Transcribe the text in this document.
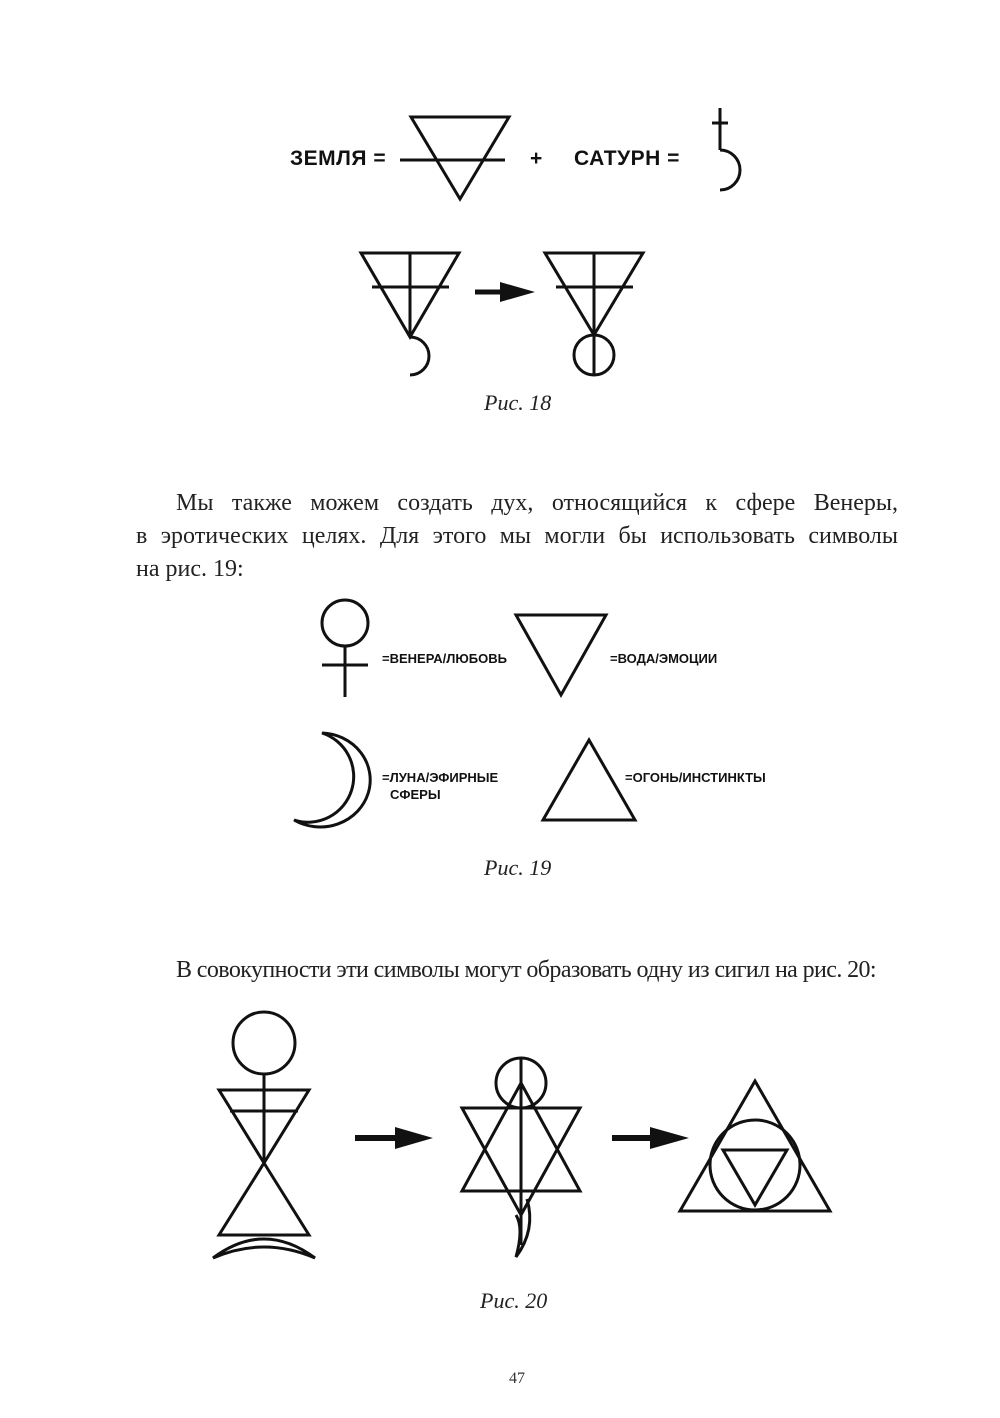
ЗЕМЛЯ =	+ САТУРН =
Рис. 18
Мы также можем создать дух, относящийся к сфере Венеры,
в эротических целях. Для этого мы могли бы использовать символы
на рис. 19:
=ВЕНЕРА/ЛЮБОВЬ	=ВОДА/ЭМОЦИИ
=ЛУНА/ЭФИРНЫЕ
СФЕРЫ
=ОГОНЬ/ИНСТИНКТЫ
Рис. 19
В совокупности эти символы могут образовать одну из сигил на рис. 20:
Рис. 20
47
